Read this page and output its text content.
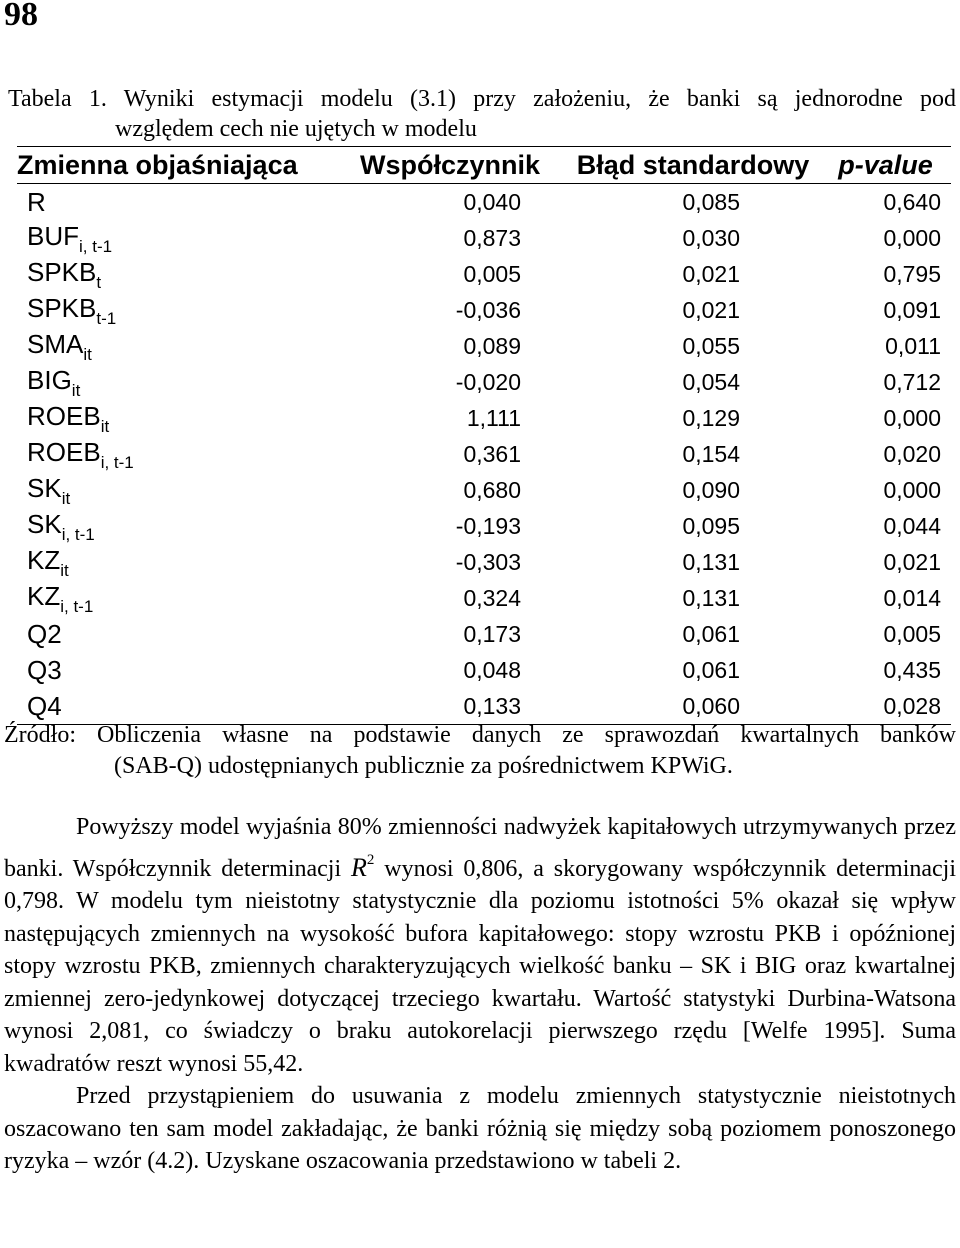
98
Tabela 1. Wyniki estymacji modelu (3.1) przy założeniu, że banki są jednorodne pod
względem cech nie ujętych w modelu
Zmienna objaśniająca	Współczynnik	Błąd standardowy	p-value
R	0,040	0,085	0,640
$BUF_{i, t-1}$	0,873	0,030	0,000
$SPKB_t$	0,005	0,021	0,795
$SPKB_{t-1}$	-0,036	0,021	0,091
$SMA_{it}$	0,089	0,055	0,011
$BIG_{it}$	-0,020	0,054	0,712
$ROEB_{it}$	1,111	0,129	0,000
$ROEB_{i, t-1}$	0,361	0,154	0,020
$SK_{it}$	0,680	0,090	0,000
$SK_{i, t-1}$	-0,193	0,095	0,044
$KZ_{it}$	-0,303	0,131	0,021
$KZ_{i, t-1}$	0,324	0,131	0,014
Q2	0,173	0,061	0,005
Q3	0,048	0,061	0,435
Q4	0,133	0,060	0,028
Źródło: Obliczenia własne na podstawie danych ze sprawozdań kwartalnych banków
(SAB-Q) udostępnianych publicznie za pośrednictwem KPWiG.

Powyższy model wyjaśnia 80% zmienności nadwyżek kapitałowych utrzymywanych przez banki. Współczynnik determinacji $R^2$ wynosi 0,806, a skorygowany współczynnik determinacji 0,798. W modelu tym nieistotny statystycznie dla poziomu istotności 5% okazał się wpływ następujących zmiennych na wysokość bufora kapitałowego: stopy wzrostu PKB i opóźnionej stopy wzrostu PKB, zmiennych charakteryzujących wielkość banku – SK i BIG oraz kwartalnej zmiennej zero-jedynkowej dotyczącej trzeciego kwartału. Wartość statystyki Durbina-Watsona wynosi 2,081, co świadczy o braku autokorelacji pierwszego rzędu [Welfe 1995]. Suma kwadratów reszt wynosi 55,42.

Przed przystąpieniem do usuwania z modelu zmiennych statystycznie nieistotnych oszacowano ten sam model zakładając, że banki różnią się między sobą poziomem ponoszonego ryzyka – wzór (4.2). Uzyskane oszacowania przedstawiono w tabeli 2.
